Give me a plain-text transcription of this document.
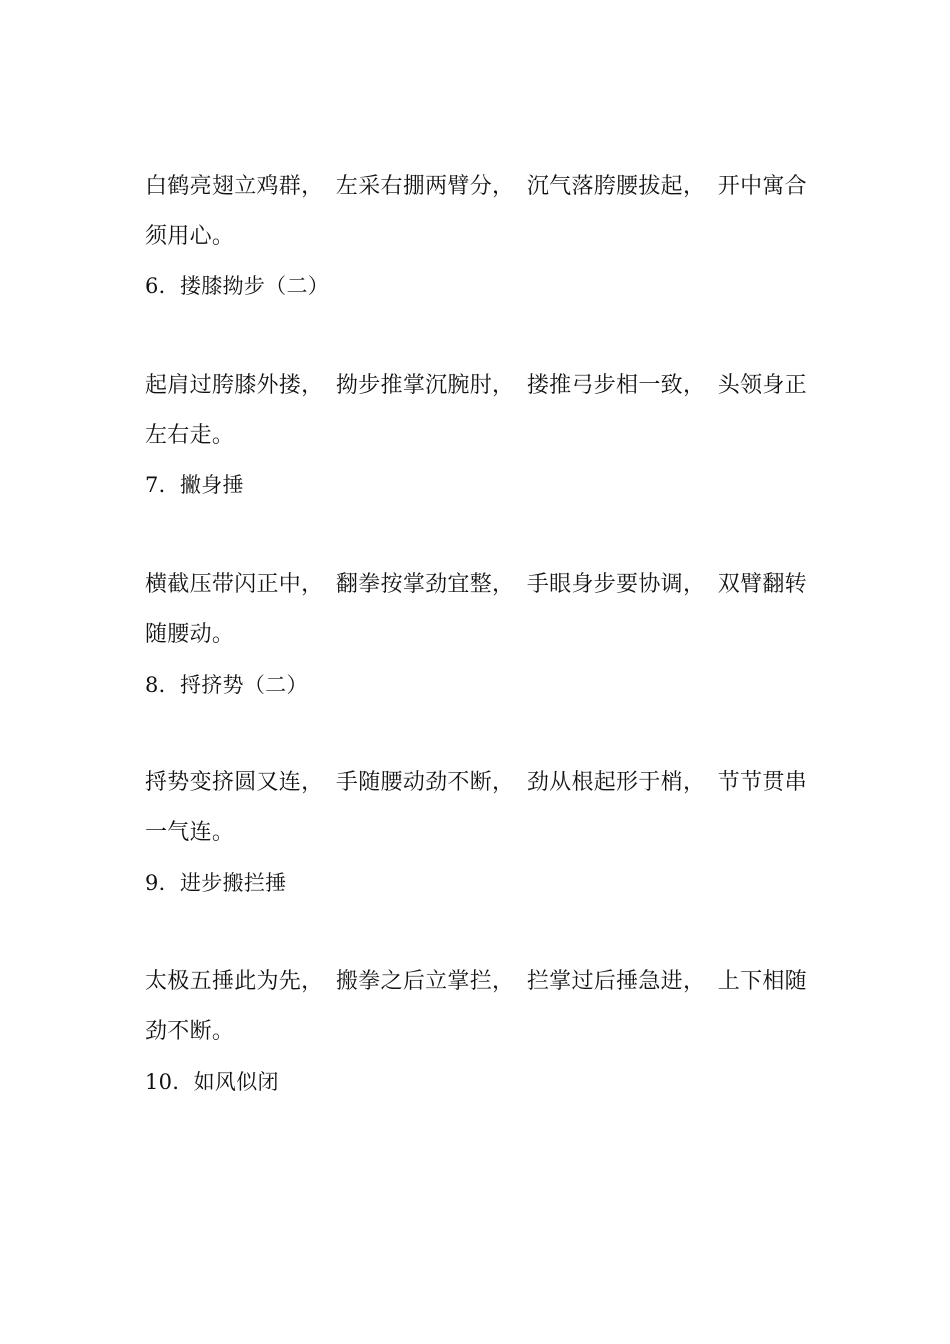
白鹤亮翅立鸡群， 左采右掤两臂分， 沉气落胯腰拔起， 开中寓合

须用心。

6．搂膝拗步（二）

起肩过胯膝外搂， 拗步推掌沉腕肘， 搂推弓步相一致， 头领身正

左右走。

7．撇身捶

横截压带闪正中， 翻拳按掌劲宜整， 手眼身步要协调， 双臂翻转

随腰动。

8．捋挤势（二）

捋势变挤圆又连， 手随腰动劲不断， 劲从根起形于梢， 节节贯串

一气连。

9．进步搬拦捶

太极五捶此为先， 搬拳之后立掌拦， 拦掌过后捶急进， 上下相随

劲不断。

10．如风似闭
